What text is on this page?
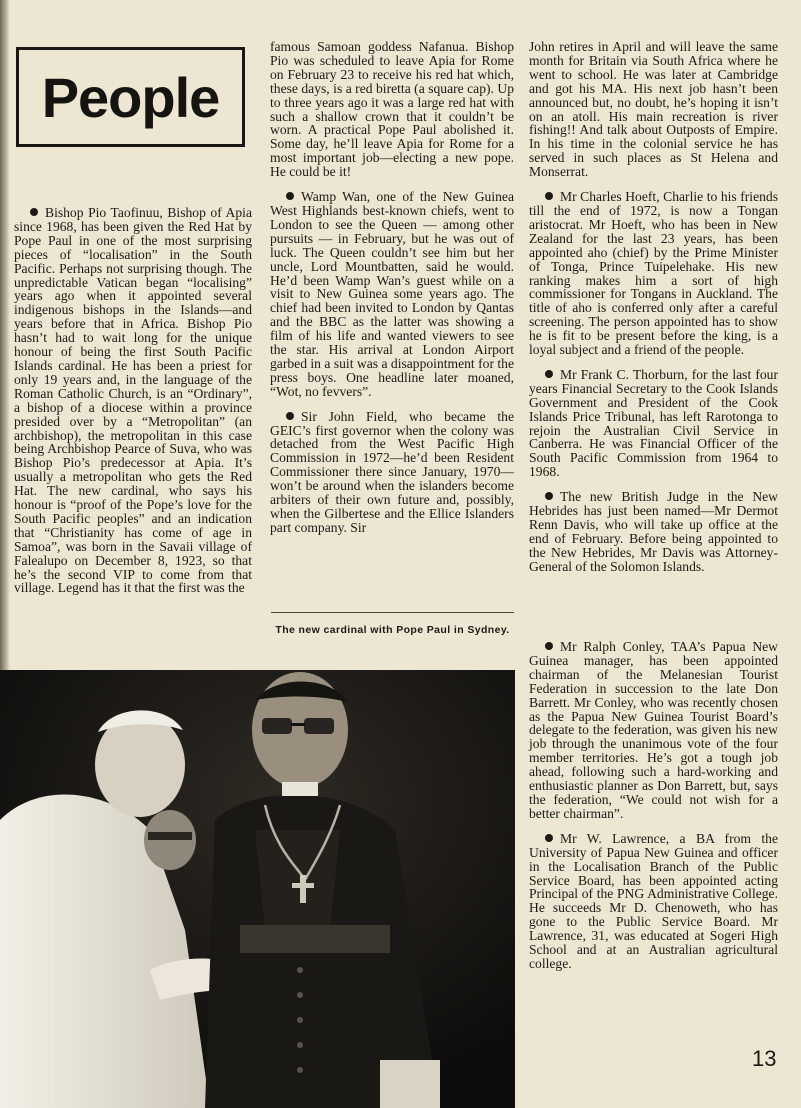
People

Bishop Pio Taofinuu, Bishop of Apia since 1968, has been given the Red Hat by Pope Paul in one of the most surprising pieces of “localisation” in the South Pacific. Perhaps not surprising though. The unpredictable Vatican began “localising” years ago when it appointed several indigenous bishops in the Islands—and years before that in Africa. Bishop Pio hasn’t had to wait long for the unique honour of being the first South Pacific Islands cardinal. He has been a priest for only 19 years and, in the language of the Roman Catholic Church, is an “Ordinary”, a bishop of a diocese within a province presided over by a “Metropolitan” (an archbishop), the metropolitan in this case being Archbishop Pearce of Suva, who was Bishop Pio’s predecessor at Apia. It’s usually a metropolitan who gets the Red Hat. The new cardinal, who says his honour is “proof of the Pope’s love for the South Pacific peoples” and an indication that “Christianity has come of age in Samoa”, was born in the Savaii village of Falealupo on December 8, 1923, so that he’s the second VIP to come from that village. Legend has it that the first was the

famous Samoan goddess Nafanua. Bishop Pio was scheduled to leave Apia for Rome on February 23 to receive his red hat which, these days, is a red biretta (a square cap). Up to three years ago it was a large red hat with such a shallow crown that it couldn’t be worn. A practical Pope Paul abolished it. Some day, he’ll leave Apia for Rome for a most important job—electing a new pope. He could be it!

Wamp Wan, one of the New Guinea West Highlands best-known chiefs, went to London to see the Queen — among other pursuits — in February, but he was out of luck. The Queen couldn’t see him but her uncle, Lord Mountbatten, said he would. He’d been Wamp Wan’s guest while on a visit to New Guinea some years ago. The chief had been invited to London by Qantas and the BBC as the latter was showing a film of his life and wanted viewers to see the star. His arrival at London Airport garbed in a suit was a disappointment for the press boys. One headline later moaned, “Wot, no fevvers”.

Sir John Field, who became the GEIC’s first governor when the colony was detached from the West Pacific High Commission in 1972—he’d been Resident Commissioner there since January, 1970—won’t be around when the islanders become arbiters of their own future and, possibly, when the Gilbertese and the Ellice Islanders part company. Sir

The new cardinal with Pope Paul in Sydney.

John retires in April and will leave the same month for Britain via South Africa where he went to school. He was later at Cambridge and got his MA. His next job hasn’t been announced but, no doubt, he’s hoping it isn’t on an atoll. His main recreation is river fishing!! And talk about Outposts of Empire. In his time in the colonial service he has served in such places as St Helena and Monserrat.

Mr Charles Hoeft, Charlie to his friends till the end of 1972, is now a Tongan aristocrat. Mr Hoeft, who has been in New Zealand for the last 23 years, has been appointed aho (chief) by the Prime Minister of Tonga, Prince Tuipelehake. His new ranking makes him a sort of high commissioner for Tongans in Auckland. The title of aho is conferred only after a careful screening. The person appointed has to show he is fit to be present before the king, is a loyal subject and a friend of the people.

Mr Frank C. Thorburn, for the last four years Financial Secretary to the Cook Islands Government and President of the Cook Islands Price Tribunal, has left Rarotonga to rejoin the Australian Civil Service in Canberra. He was Financial Officer of the South Pacific Commission from 1964 to 1968.

The new British Judge in the New Hebrides has just been named—Mr Dermot Renn Davis, who will take up office at the end of February. Before being appointed to the New Hebrides, Mr Davis was Attorney-General of the Solomon Islands.

Mr Ralph Conley, TAA’s Papua New Guinea manager, has been appointed chairman of the Melanesian Tourist Federation in succession to the late Don Barrett. Mr Conley, who was recently chosen as the Papua New Guinea Tourist Board’s delegate to the federation, was given his new job through the unanimous vote of the four member territories. He’s got a tough job ahead, following such a hard-working and enthusiastic planner as Don Barrett, but, says the federation, “We could not wish for a better chairman”.

Mr W. Lawrence, a BA from the University of Papua New Guinea and officer in the Localisation Branch of the Public Service Board, has been appointed acting Principal of the PNG Administrative College. He succeeds Mr D. Chenoweth, who has gone to the Public Service Board. Mr Lawrence, 31, was educated at Sogeri High School and at an Australian agricultural college.

13
